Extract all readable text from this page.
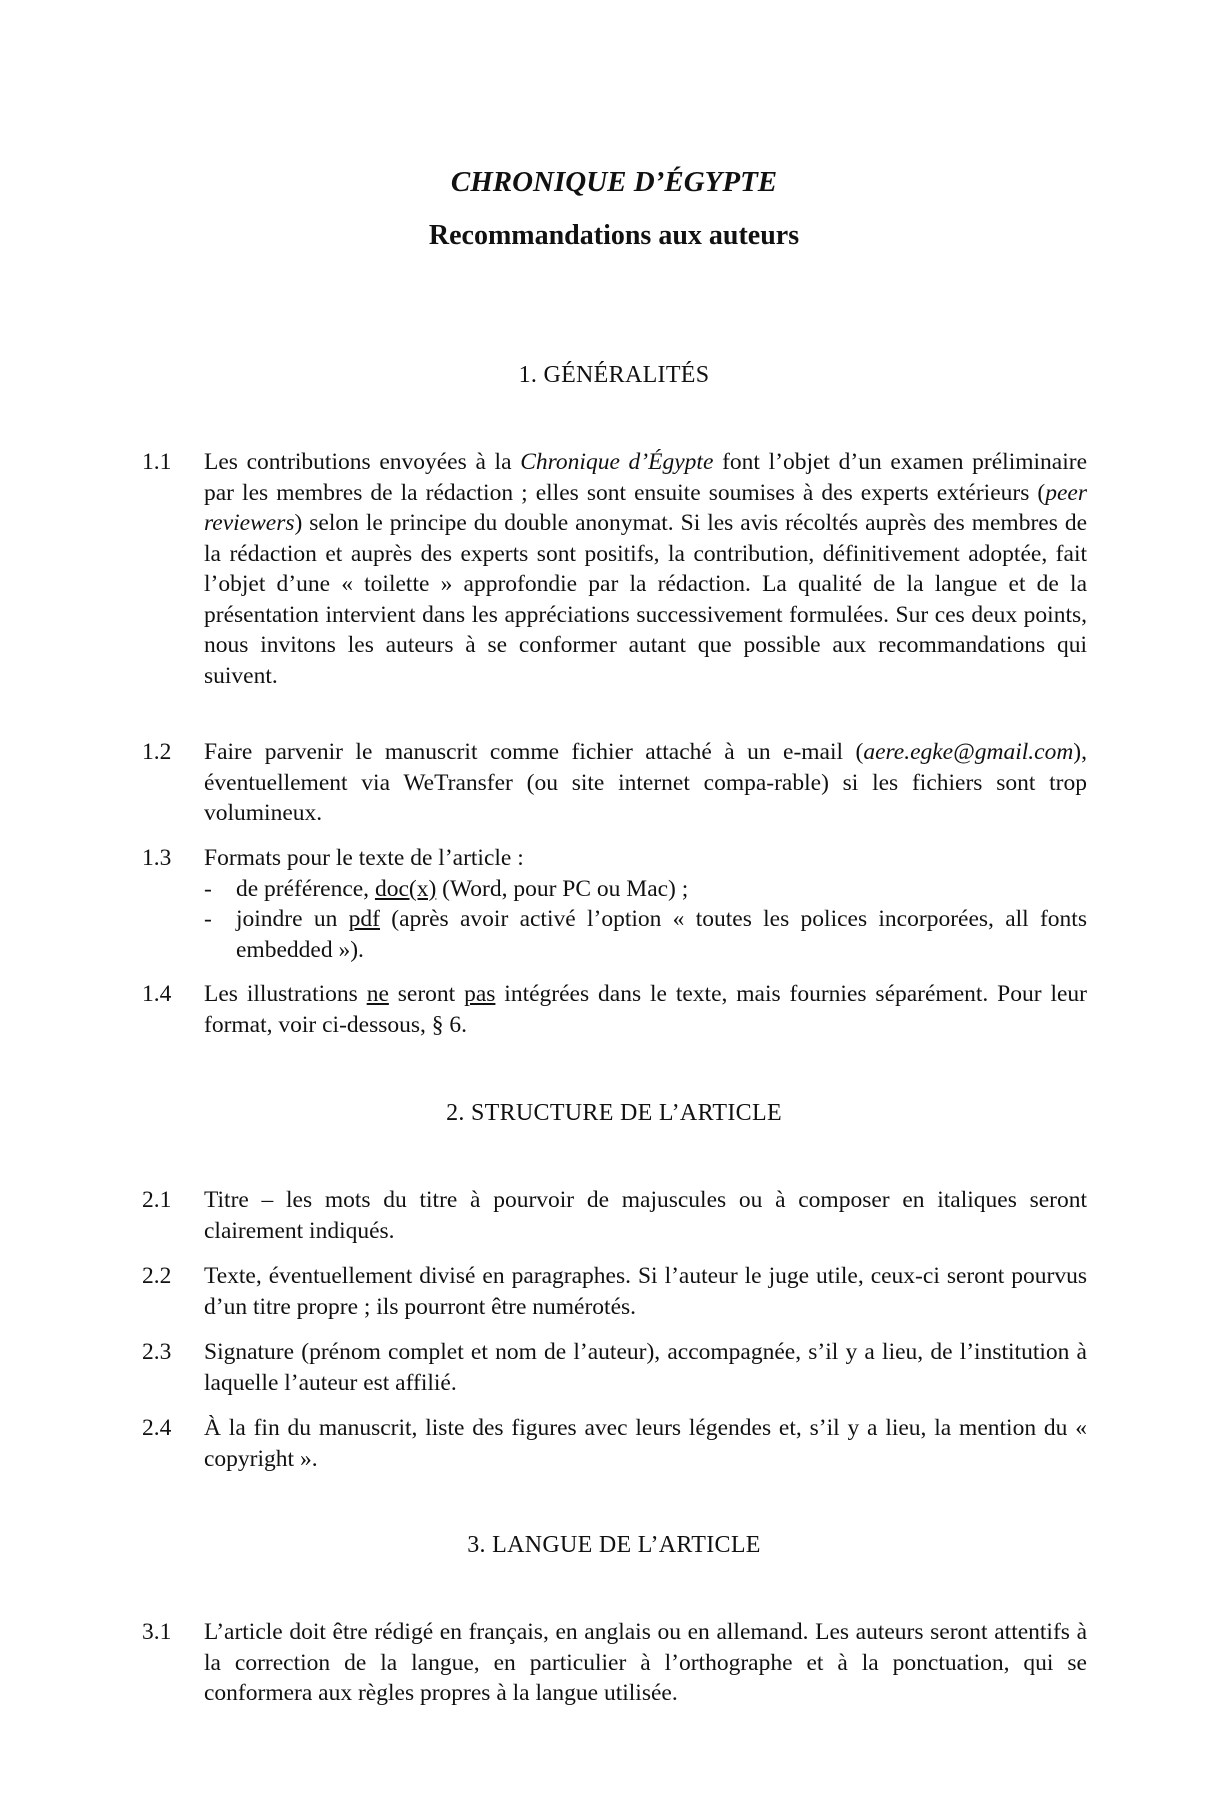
CHRONIQUE D’ÉGYPTE
Recommandations aux auteurs
1. GÉNÉRALITÉS
1.1	Les contributions envoyées à la Chronique d’Égypte font l’objet d’un examen préliminaire par les membres de la rédaction ; elles sont ensuite soumises à des experts extérieurs (peer reviewers) selon le principe du double anonymat. Si les avis récoltés auprès des membres de la rédaction et auprès des experts sont positifs, la contribution, définitivement adoptée, fait l’objet d’une « toilette » approfondie par la rédaction. La qualité de la langue et de la présentation intervient dans les appréciations successivement formulées. Sur ces deux points, nous invitons les auteurs à se conformer autant que possible aux recommandations qui suivent.
1.2	Faire parvenir le manuscrit comme fichier attaché à un e-mail (aere.egke@gmail.com), éventuellement via WeTransfer (ou site internet compa-rable) si les fichiers sont trop volumineux.
1.3	Formats pour le texte de l’article :
- de préférence, doc(x) (Word, pour PC ou Mac) ;
- joindre un pdf (après avoir activé l’option « toutes les polices incorporées, all fonts embedded »).
1.4	Les illustrations ne seront pas intégrées dans le texte, mais fournies séparément. Pour leur format, voir ci-dessous, § 6.
2. STRUCTURE DE L’ARTICLE
2.1	Titre – les mots du titre à pourvoir de majuscules ou à composer en italiques seront clairement indiqués.
2.2	Texte, éventuellement divisé en paragraphes. Si l’auteur le juge utile, ceux-ci seront pourvus d’un titre propre ; ils pourront être numérotés.
2.3	Signature (prénom complet et nom de l’auteur), accompagnée, s’il y a lieu, de l’institution à laquelle l’auteur est affilié.
2.4	À la fin du manuscrit, liste des figures avec leurs légendes et, s’il y a lieu, la mention du « copyright ».
3. LANGUE DE L’ARTICLE
3.1	L’article doit être rédigé en français, en anglais ou en allemand. Les auteurs seront attentifs à la correction de la langue, en particulier à l’orthographe et à la ponctuation, qui se conformera aux règles propres à la langue utilisée.
